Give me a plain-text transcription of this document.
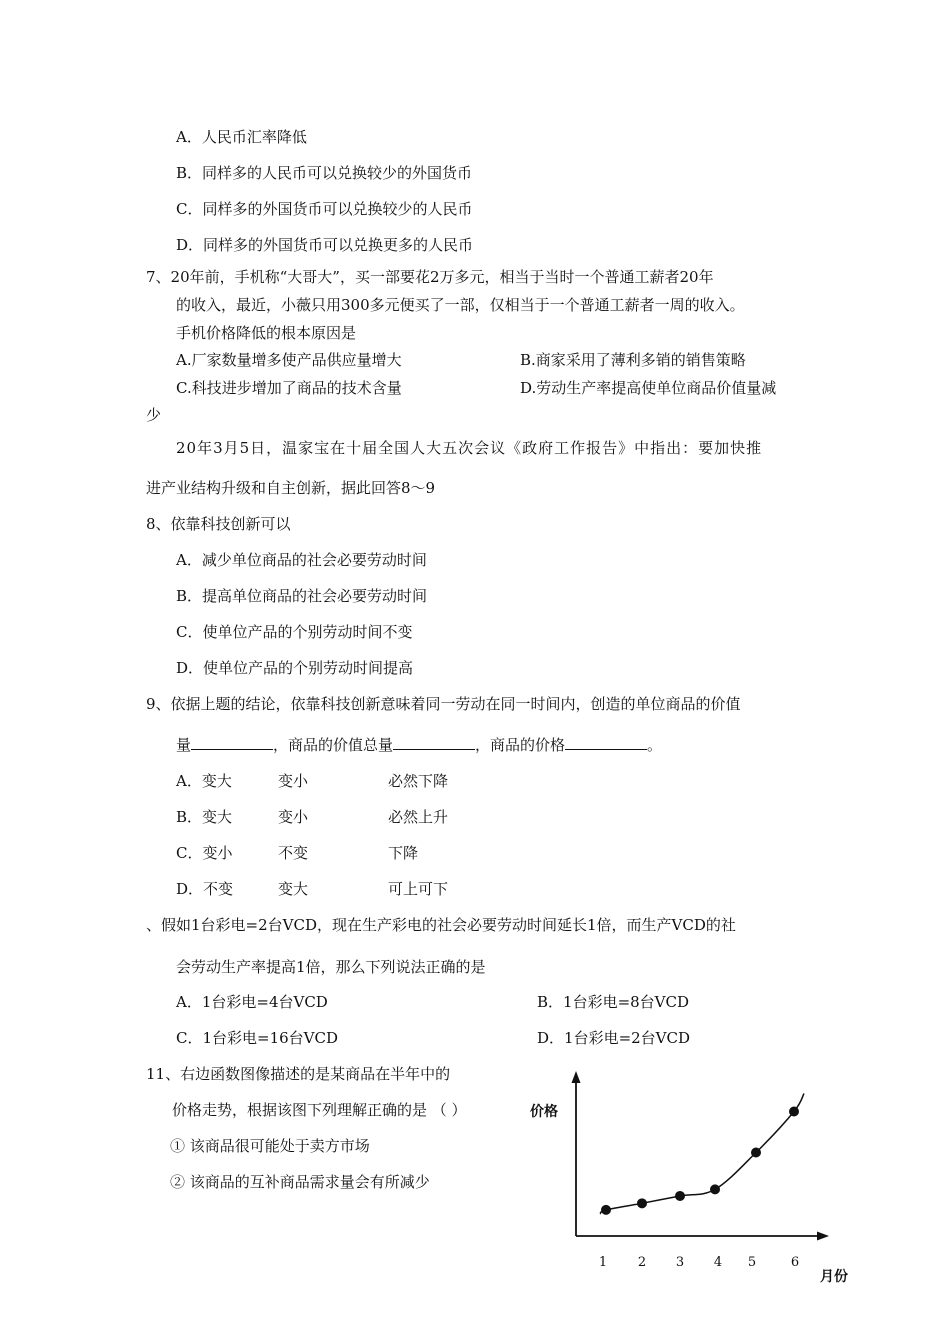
A．人民币汇率降低
B．同样多的人民币可以兑换较少的外国货币
C．同样多的外国货币可以兑换较少的人民币
D．同样多的外国货币可以兑换更多的人民币
7、20年前，手机称“大哥大”，买一部要花2万多元，相当于当时一个普通工薪者20年
的收入，最近，小薇只用300多元便买了一部，仅相当于一个普通工薪者一周的收入。
手机价格降低的根本原因是
A.厂家数量增多使产品供应量增大	B.商家采用了薄利多销的销售策略
C.科技进步增加了商品的技术含量	D.劳动生产率提高使单位商品价值量减
少
20年3月5日，温家宝在十届全国人大五次会议《政府工作报告》中指出：要加快推
进产业结构升级和自主创新，据此回答8～9
8、依靠科技创新可以
A．减少单位商品的社会必要劳动时间
B．提高单位商品的社会必要劳动时间
C．使单位产品的个别劳动时间不变
D．使单位产品的个别劳动时间提高
9、依据上题的结论，依靠科技创新意味着同一劳动在同一时间内，创造的单位商品的价值
量	，商品的价值总量	，商品的价格	。
A．变大	变小	必然下降
B．变大	变小	必然上升
C．变小	不变	下降
D．不变	变大	可上可下
、假如1台彩电=2台VCD，现在生产彩电的社会必要劳动时间延长1倍，而生产VCD的社
会劳动生产率提高1倍，那么下列说法正确的是
A．1台彩电=4台VCD	B．1台彩电=8台VCD
C．1台彩电=16台VCD	D．1台彩电=2台VCD
11、右边函数图像描述的是某商品在半年中的
价格走势，根据该图下列理解正确的是 （ ）
① 该商品很可能处于卖方市场
② 该商品的互补商品需求量会有所减少
价格
月份
1 2 3 4 5	6
